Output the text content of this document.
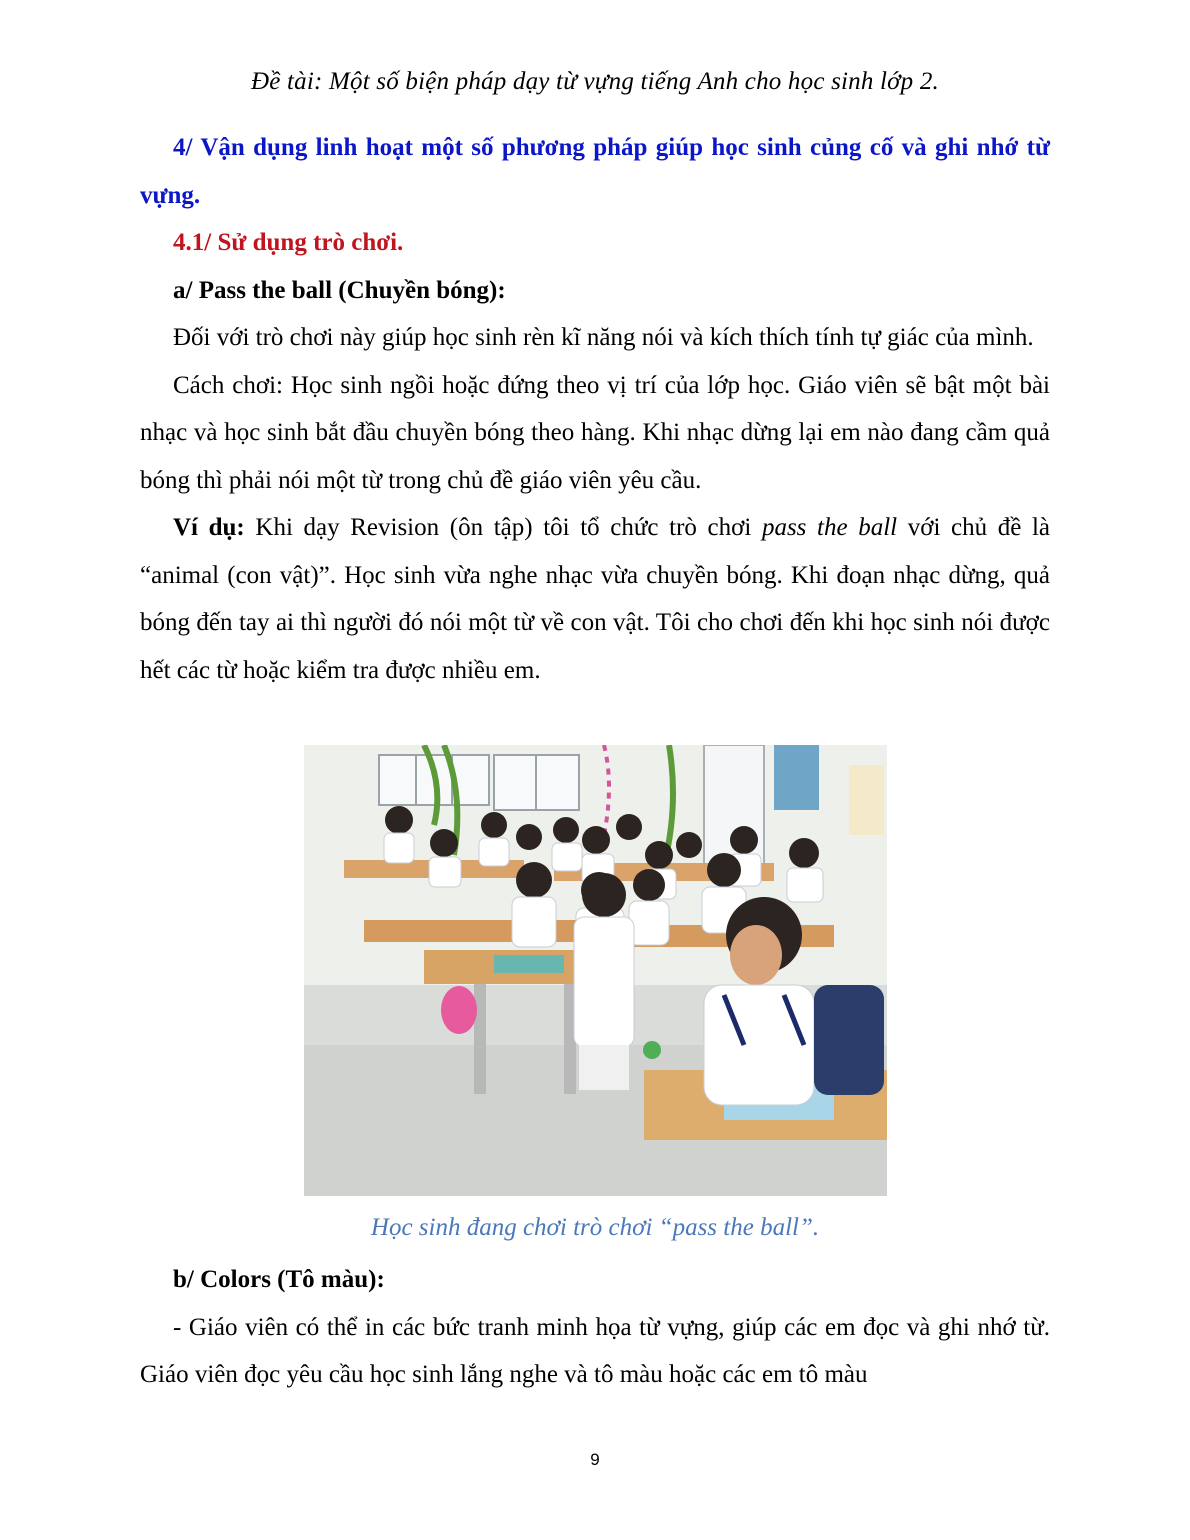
Đề tài: Một số biện pháp dạy từ vựng tiếng Anh cho học sinh lớp 2.

4/ Vận dụng linh hoạt một số phương pháp giúp học sinh củng cố và ghi nhớ từ vựng.

4.1/ Sử dụng trò chơi.

a/ Pass the ball (Chuyền bóng):

Đối với trò chơi này giúp học sinh rèn kĩ năng nói và kích thích tính tự giác của mình.

Cách chơi: Học sinh ngồi hoặc đứng theo vị trí của lớp học. Giáo viên sẽ bật một bài nhạc và học sinh bắt đầu chuyền bóng theo hàng. Khi nhạc dừng lại em nào đang cầm quả bóng thì phải nói một từ trong chủ đề giáo viên yêu cầu.

Ví dụ: Khi dạy Revision (ôn tập) tôi tổ chức trò chơi pass the ball với chủ đề là “animal (con vật)”. Học sinh vừa nghe nhạc vừa chuyền bóng. Khi đoạn nhạc dừng, quả bóng đến tay ai thì người đó nói một từ về con vật. Tôi cho chơi đến khi học sinh nói được hết các từ hoặc kiểm tra được nhiều em.

Học sinh đang chơi trò chơi “pass the ball”.

b/ Colors (Tô màu):

- Giáo viên có thể in các bức tranh minh họa từ vựng, giúp các em đọc và ghi nhớ từ. Giáo viên đọc yêu cầu học sinh lắng nghe và tô màu hoặc các em tô màu

9
